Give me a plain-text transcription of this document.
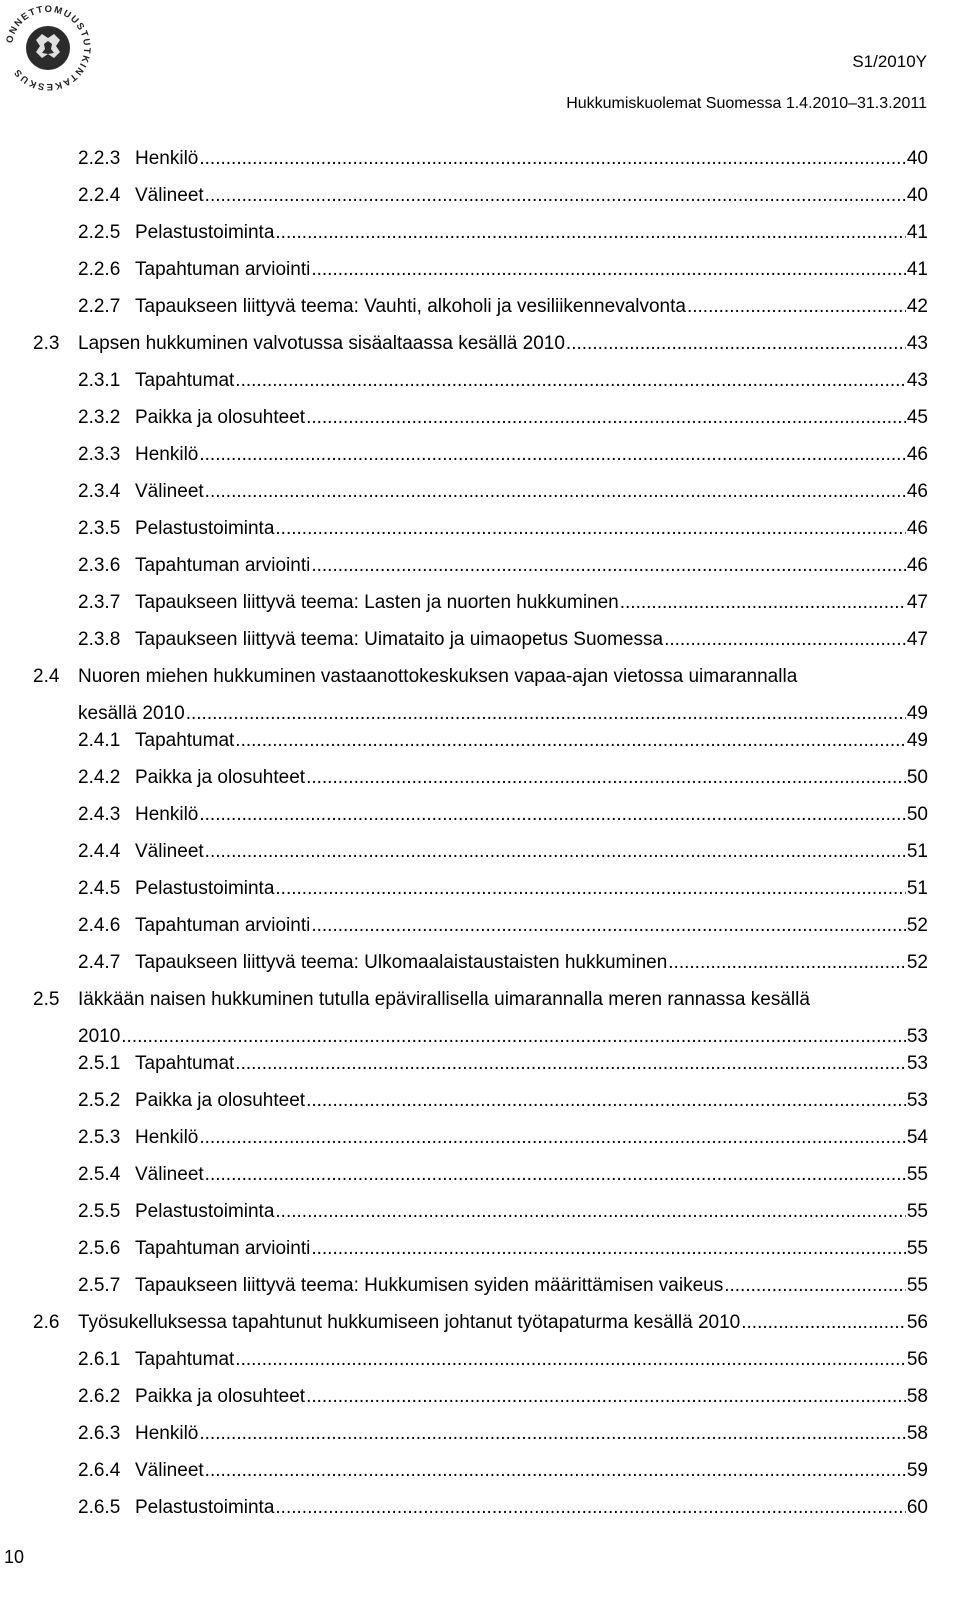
ONNETTOMUUSTUTKINTAKESKUS
S1/2010Y
Hukkumiskuolemat Suomessa 1.4.2010–31.3.2011
2.2.3 Henkilö .....	40
2.2.4 Välineet .....	40
2.2.5 Pelastustoiminta .....	41
2.2.6 Tapahtuman arviointi .....	41
2.2.7 Tapaukseen liittyvä teema: Vauhti, alkoholi ja vesiliikennevalvonta .....	42
2.3 Lapsen hukkuminen valvotussa sisäaltaassa kesällä 2010 .....	43
2.3.1 Tapahtumat .....	43
2.3.2 Paikka ja olosuhteet .....	45
2.3.3 Henkilö .....	46
2.3.4 Välineet .....	46
2.3.5 Pelastustoiminta .....	46
2.3.6 Tapahtuman arviointi .....	46
2.3.7 Tapaukseen liittyvä teema: Lasten ja nuorten hukkuminen .....	47
2.3.8 Tapaukseen liittyvä teema: Uimataito ja uimaopetus Suomessa .....	47
2.4 Nuoren miehen hukkuminen vastaanottokeskuksen vapaa-ajan vietossa uimarannalla
kesällä 2010 .....	49
2.4.1 Tapahtumat .....	49
2.4.2 Paikka ja olosuhteet .....	50
2.4.3 Henkilö .....	50
2.4.4 Välineet .....	51
2.4.5 Pelastustoiminta .....	51
2.4.6 Tapahtuman arviointi .....	52
2.4.7 Tapaukseen liittyvä teema: Ulkomaalaistaustaisten hukkuminen .....	52
2.5 Iäkkään naisen hukkuminen tutulla epävirallisella uimarannalla meren rannassa kesällä
2010 .....	53
2.5.1 Tapahtumat .....	53
2.5.2 Paikka ja olosuhteet .....	53
2.5.3 Henkilö .....	54
2.5.4 Välineet .....	55
2.5.5 Pelastustoiminta .....	55
2.5.6 Tapahtuman arviointi .....	55
2.5.7 Tapaukseen liittyvä teema: Hukkumisen syiden määrittämisen vaikeus .....	55
2.6 Työsukelluksessa tapahtunut hukkumiseen johtanut työtapaturma kesällä 2010 .....	56
2.6.1 Tapahtumat .....	56
2.6.2 Paikka ja olosuhteet .....	58
2.6.3 Henkilö .....	58
2.6.4 Välineet .....	59
2.6.5 Pelastustoiminta .....	60
10
